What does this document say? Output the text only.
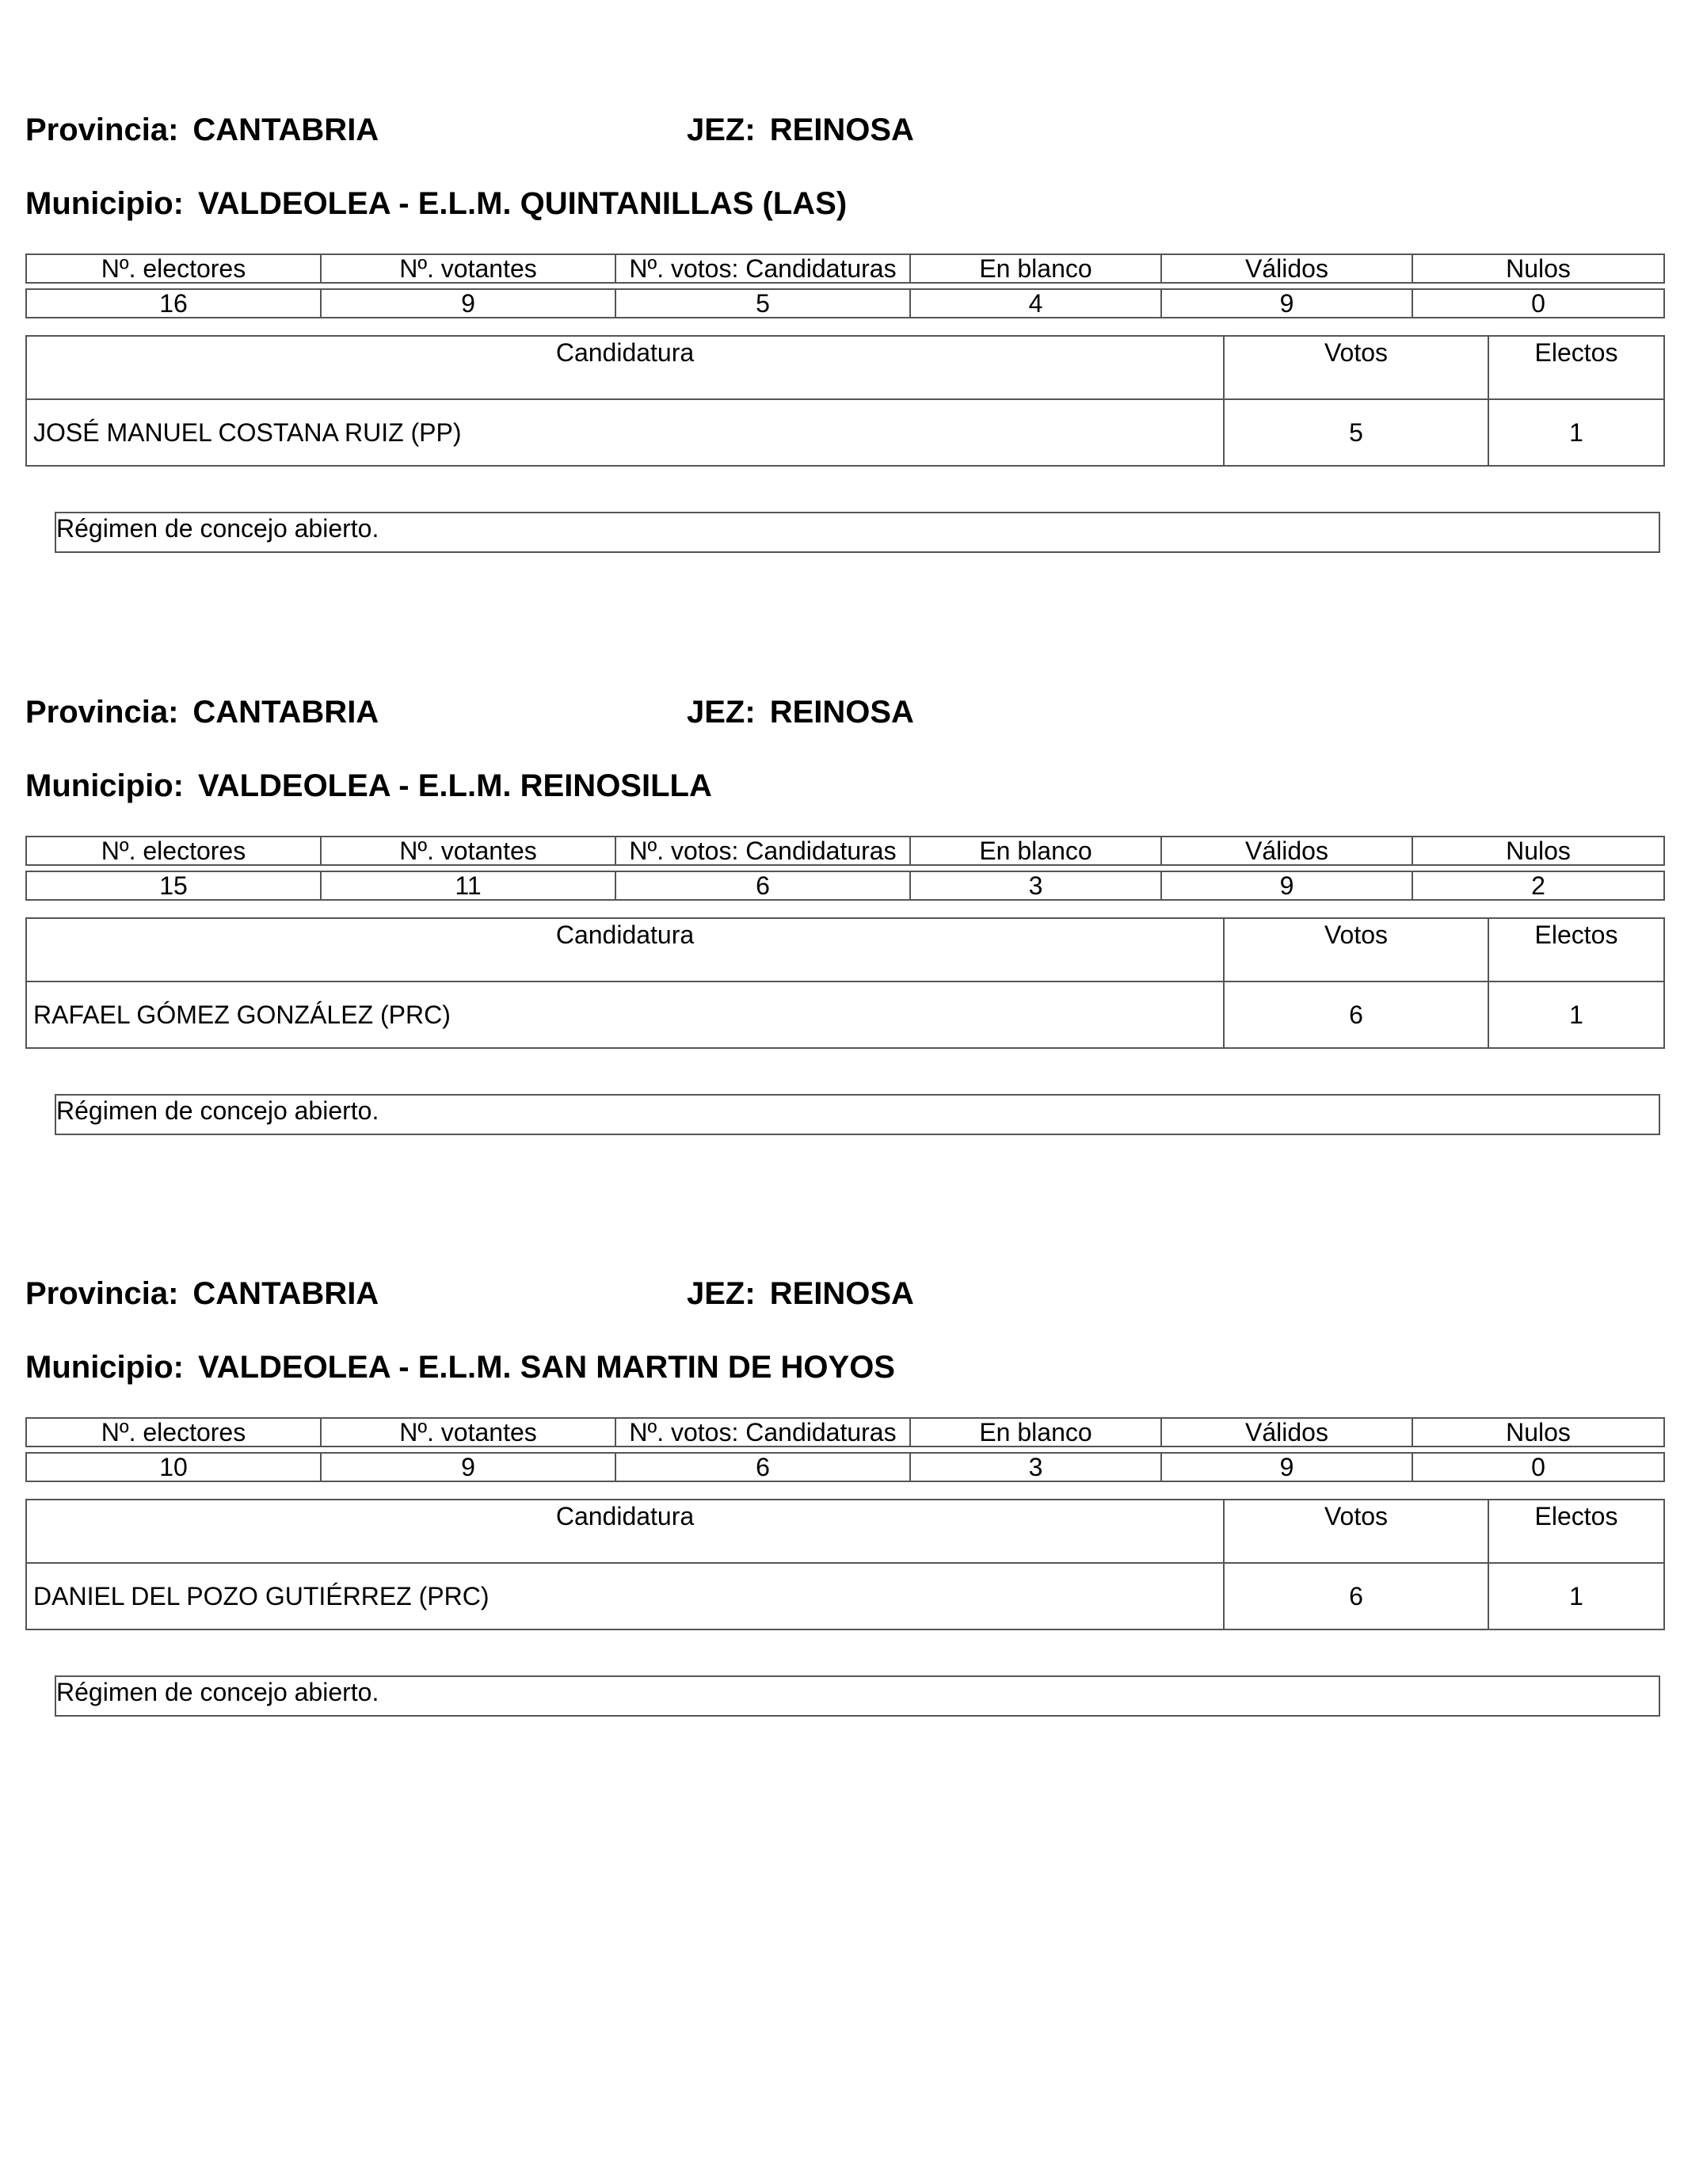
Provincia: CANTABRIA	JEZ: REINOSA
Municipio: VALDEOLEA - E.L.M. QUINTANILLAS (LAS)
Nº. electores	Nº. votantes	Nº. votos: Candidaturas	En blanco	Válidos	Nulos

16	9	5	4	9	0
Candidatura	Votos	Electos
JOSÉ MANUEL COSTANA RUIZ (PP)	5	1
Régimen de concejo abierto.
Provincia: CANTABRIA	JEZ: REINOSA
Municipio: VALDEOLEA - E.L.M. REINOSILLA
Nº. electores	Nº. votantes	Nº. votos: Candidaturas	En blanco	Válidos	Nulos

15	11	6	3	9	2
Candidatura	Votos	Electos
RAFAEL GÓMEZ GONZÁLEZ (PRC)	6	1
Régimen de concejo abierto.
Provincia: CANTABRIA	JEZ: REINOSA
Municipio: VALDEOLEA - E.L.M. SAN MARTIN DE HOYOS
Nº. electores	Nº. votantes	Nº. votos: Candidaturas	En blanco	Válidos	Nulos

10	9	6	3	9	0
Candidatura	Votos	Electos
DANIEL DEL POZO GUTIÉRREZ (PRC)	6	1
Régimen de concejo abierto.
